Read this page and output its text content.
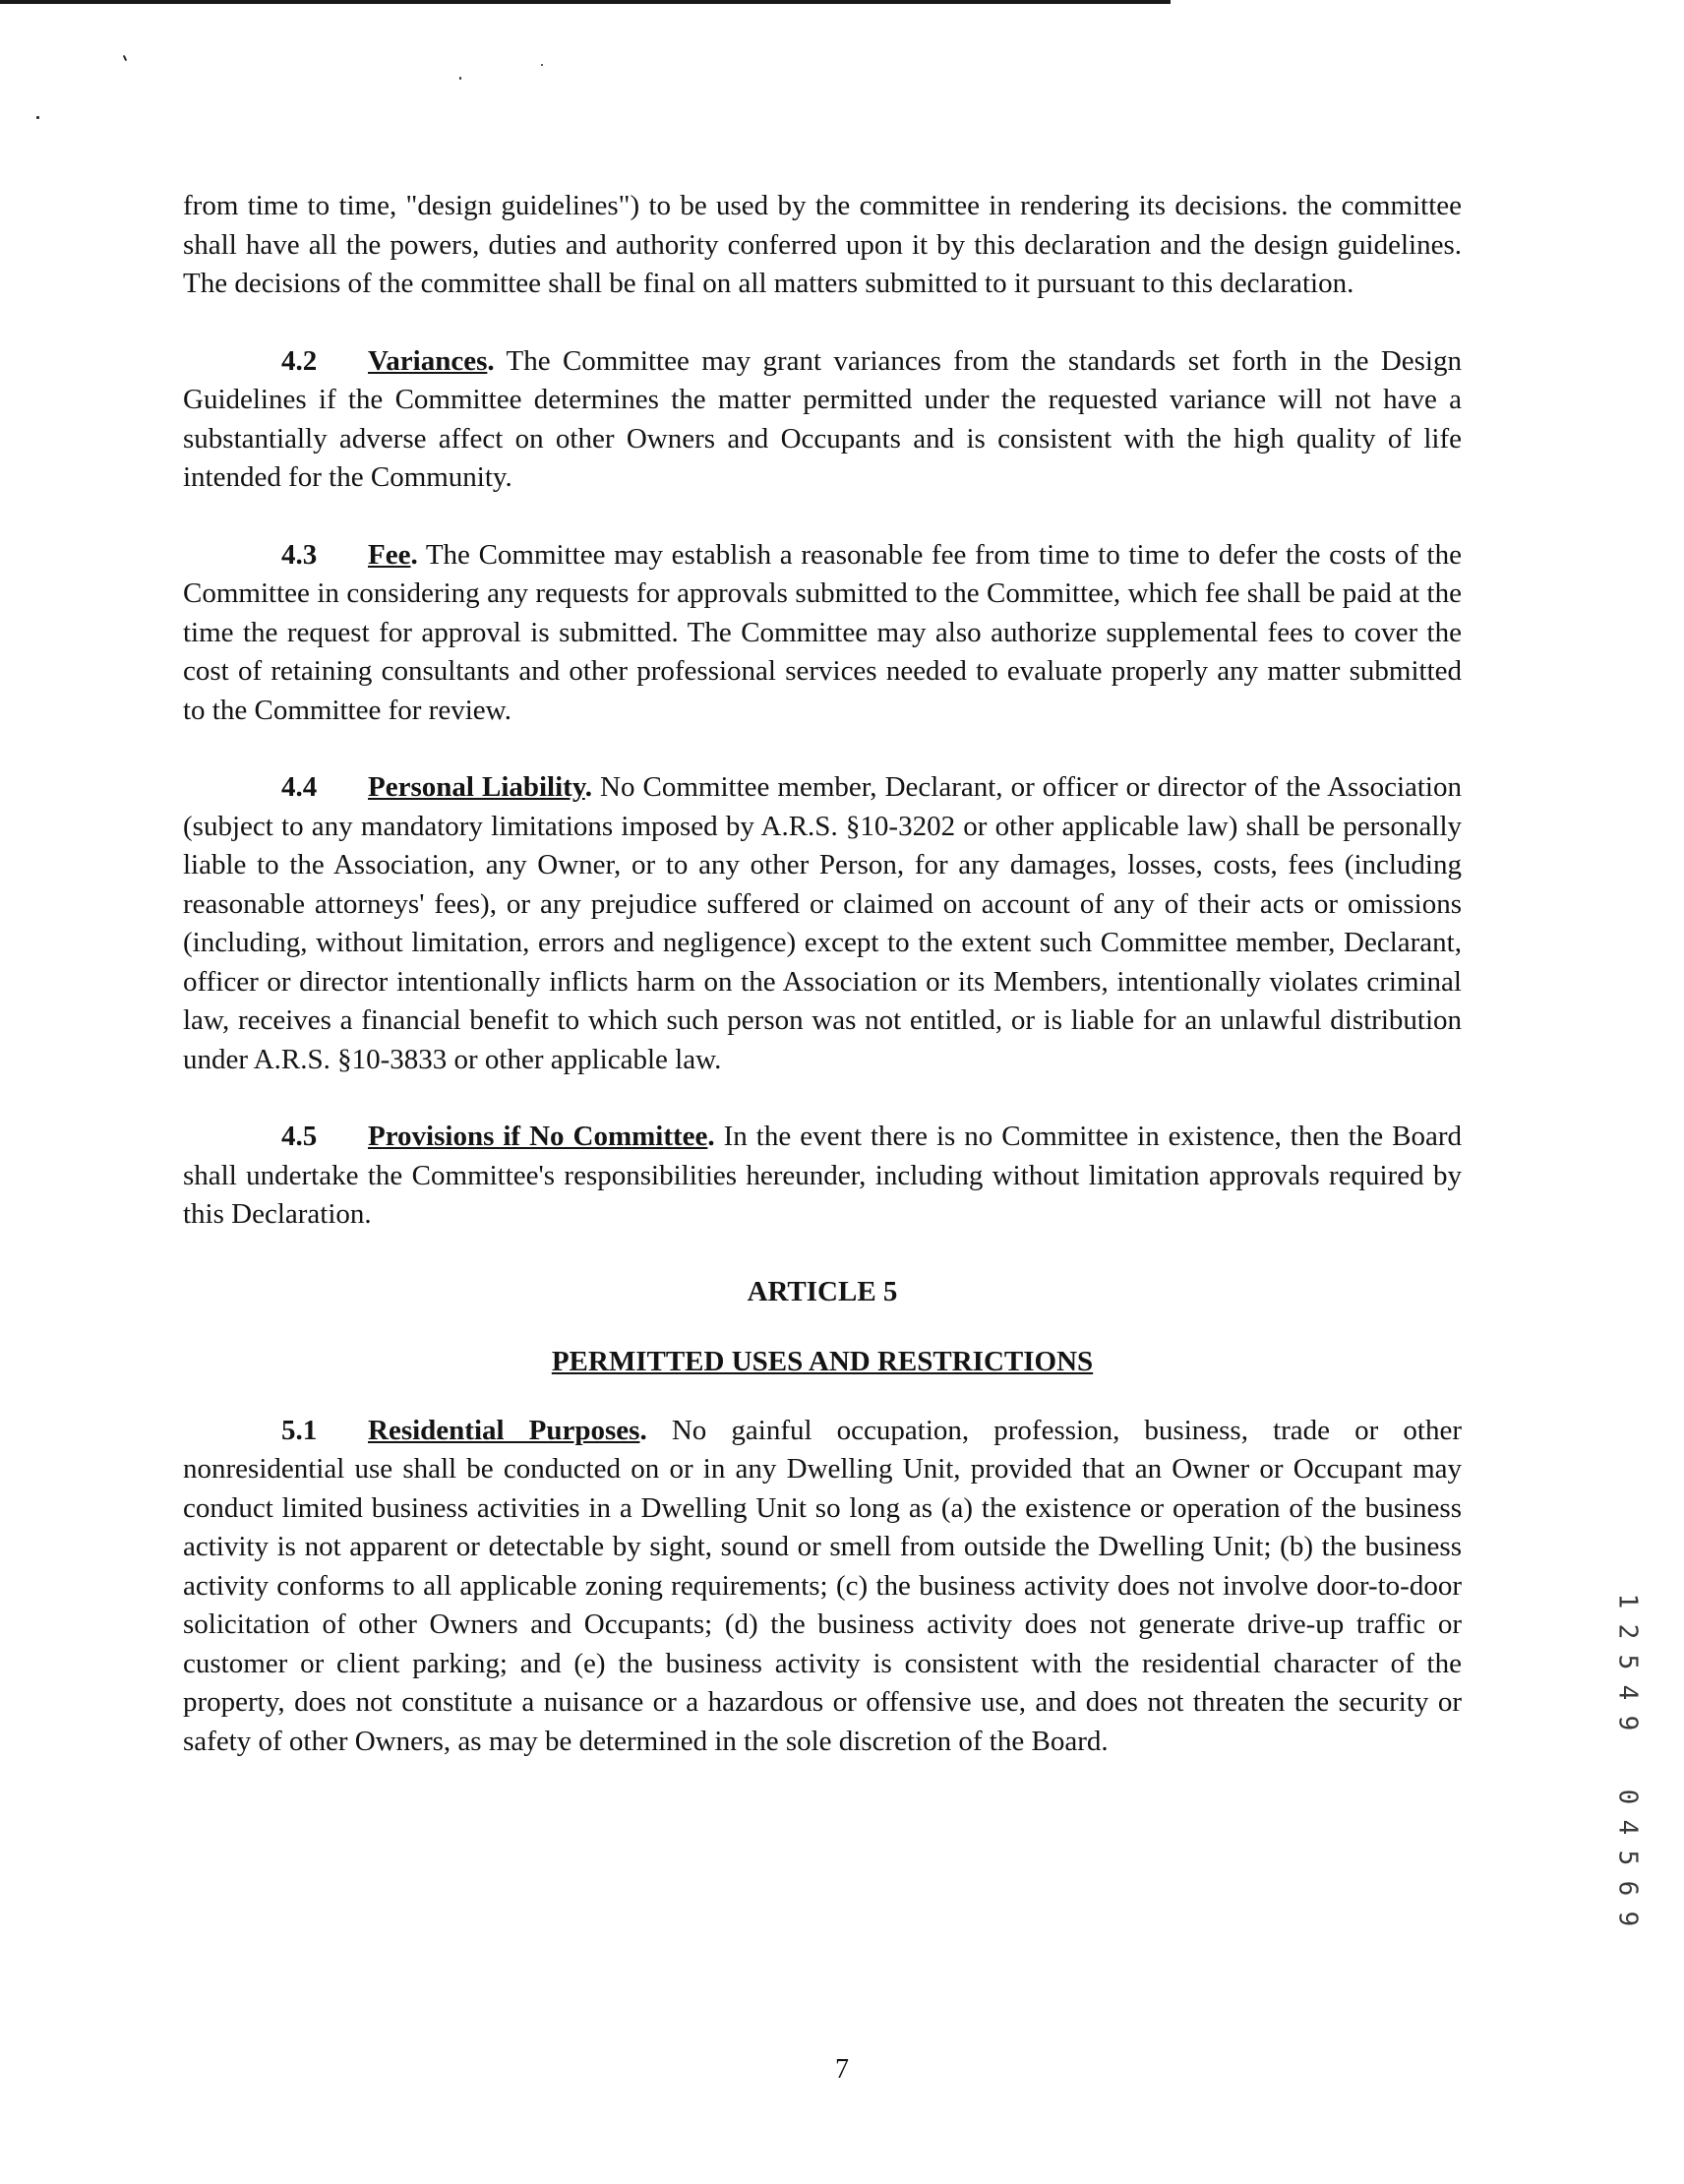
from time to time, "design guidelines") to be used by the committee in rendering its decisions. the committee shall have all the powers, duties and authority conferred upon it by this declaration and the design guidelines. The decisions of the committee shall be final on all matters submitted to it pursuant to this declaration.

4.2 Variances. The Committee may grant variances from the standards set forth in the Design Guidelines if the Committee determines the matter permitted under the requested variance will not have a substantially adverse affect on other Owners and Occupants and is consistent with the high quality of life intended for the Community.

4.3 Fee. The Committee may establish a reasonable fee from time to time to defer the costs of the Committee in considering any requests for approvals submitted to the Committee, which fee shall be paid at the time the request for approval is submitted. The Committee may also authorize supplemental fees to cover the cost of retaining consultants and other professional services needed to evaluate properly any matter submitted to the Committee for review.

4.4 Personal Liability. No Committee member, Declarant, or officer or director of the Association (subject to any mandatory limitations imposed by A.R.S. §10-3202 or other applicable law) shall be personally liable to the Association, any Owner, or to any other Person, for any damages, losses, costs, fees (including reasonable attorneys' fees), or any prejudice suffered or claimed on account of any of their acts or omissions (including, without limitation, errors and negligence) except to the extent such Committee member, Declarant, officer or director intentionally inflicts harm on the Association or its Members, intentionally violates criminal law, receives a financial benefit to which such person was not entitled, or is liable for an unlawful distribution under A.R.S. §10-3833 or other applicable law.

4.5 Provisions if No Committee. In the event there is no Committee in existence, then the Board shall undertake the Committee's responsibilities hereunder, including without limitation approvals required by this Declaration.

ARTICLE 5

PERMITTED USES AND RESTRICTIONS

5.1 Residential Purposes. No gainful occupation, profession, business, trade or other nonresidential use shall be conducted on or in any Dwelling Unit, provided that an Owner or Occupant may conduct limited business activities in a Dwelling Unit so long as (a) the existence or operation of the business activity is not apparent or detectable by sight, sound or smell from outside the Dwelling Unit; (b) the business activity conforms to all applicable zoning requirements; (c) the business activity does not involve door-to-door solicitation of other Owners and Occupants; (d) the business activity does not generate drive-up traffic or customer or client parking; and (e) the business activity is consistent with the residential character of the property, does not constitute a nuisance or a hazardous or offensive use, and does not threaten the security or safety of other Owners, as may be determined in the sole discretion of the Board.

1
2
5
4
9
0
4
5
6
9
7
